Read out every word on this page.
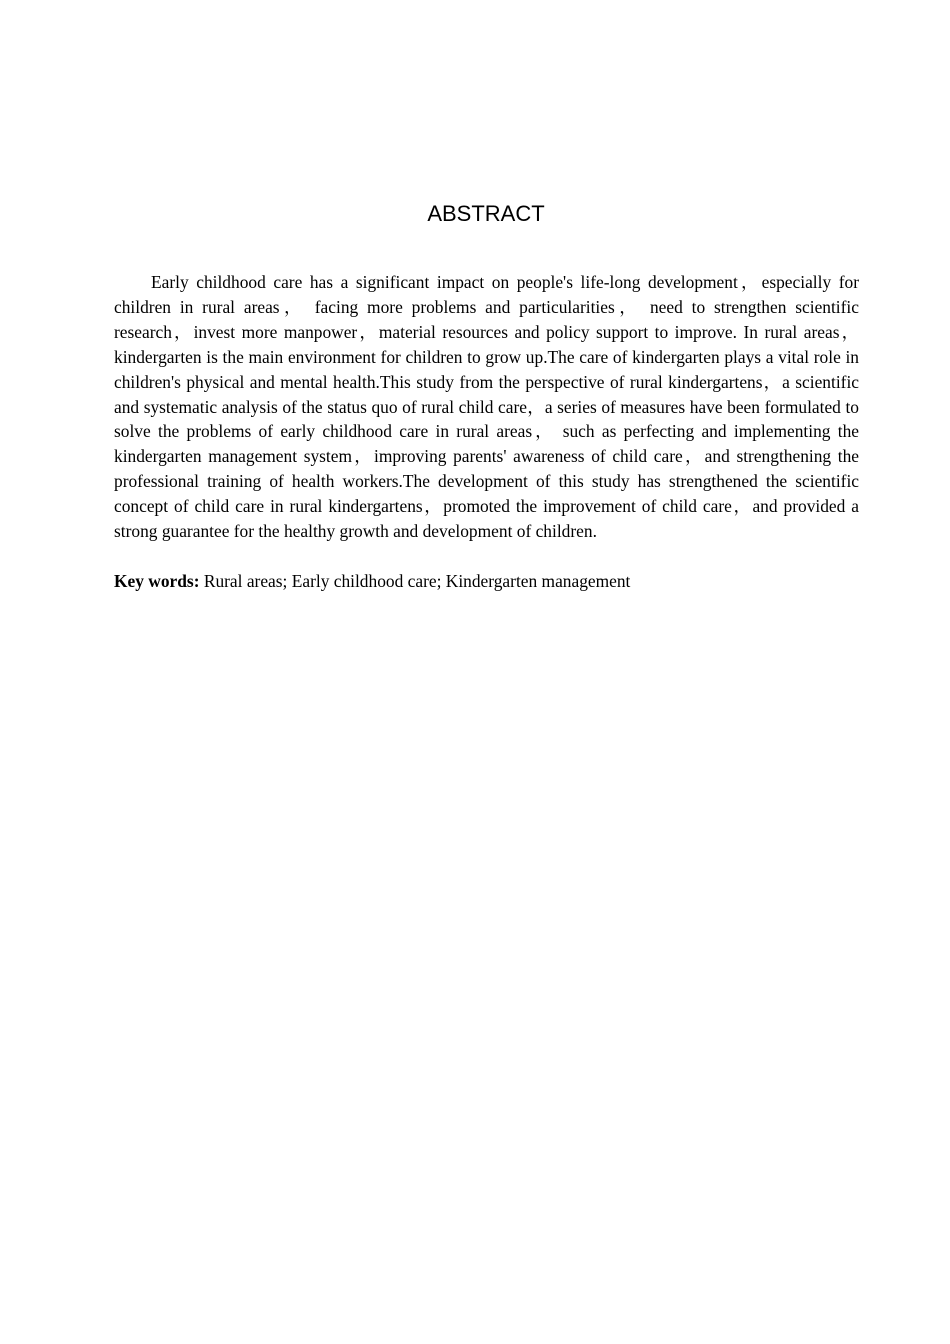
ABSTRACT

Early childhood care has a significant impact on people's life-long development，especially for children in rural areas， facing more problems and particularities， need to strengthen scientific research，invest more manpower，material resources and policy support to improve. In rural areas， kindergarten is the main environment for children to grow up.The care of kindergarten plays a vital role in children's physical and mental health.This study from the perspective of rural kindergartens，a scientific and systematic analysis of the status quo of rural child care，a series of measures have been formulated to solve the problems of early childhood care in rural areas， such as perfecting and implementing the kindergarten management system，improving parents' awareness of child care，and strengthening the professional training of health workers.The development of this study has strengthened the scientific concept of child care in rural kindergartens，promoted the improvement of child care，and provided a strong guarantee for the healthy growth and development of children.

Key words: Rural areas; Early childhood care; Kindergarten management
